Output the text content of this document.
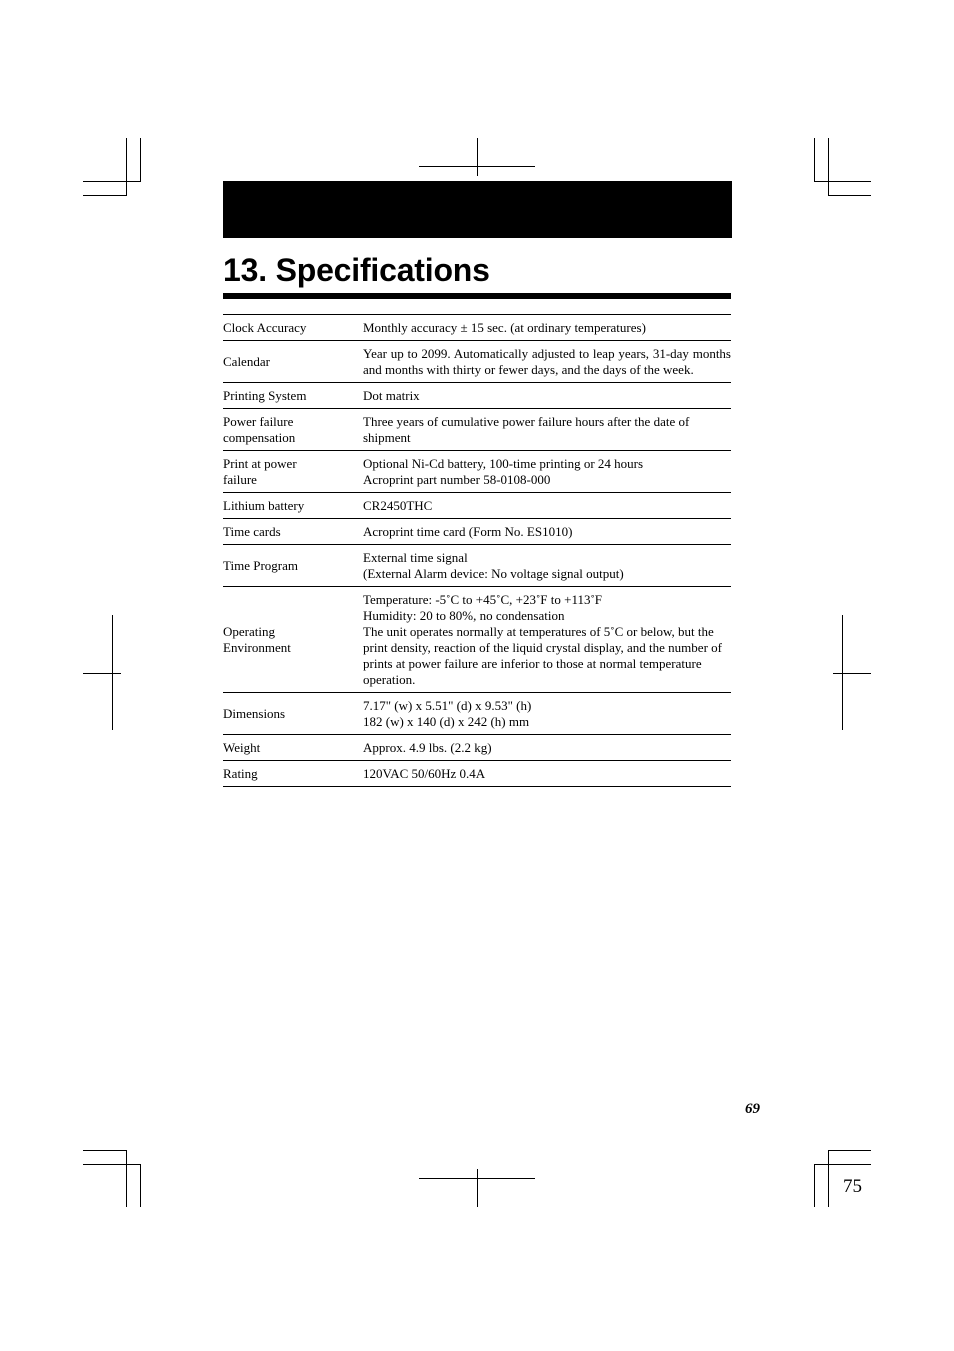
13. Specifications
Clock Accuracy	Monthly accuracy ± 15 sec. (at ordinary temperatures)

Calendar	Year up to 2099. Automatically adjusted to leap years, 31-day months and months with thirty or fewer days, and the days of the week.

Printing System	Dot matrix

Power failure
compensation	Three years of cumulative power failure hours after the date of shipment

Print at power
failure	Optional Ni-Cd battery, 100-time printing or 24 hours
Acroprint part number 58-0108-000

Lithium battery	CR2450THC

Time cards	Acroprint time card (Form No. ES1010)

Time Program	External time signal
(External Alarm device: No voltage signal output)

Operating
Environment	Temperature: -5˚C to +45˚C, +23˚F to +113˚F
Humidity: 20 to 80%, no condensation
The unit operates normally at temperatures of 5˚C or below, but the print density, reaction of the liquid crystal display, and the number of prints at power failure are inferior to those at normal temperature operation.

Dimensions	7.17" (w) x 5.51" (d) x 9.53" (h)
182 (w) x 140 (d) x 242 (h) mm

Weight	Approx. 4.9 lbs. (2.2 kg)

Rating	120VAC 50/60Hz 0.4A
69
75
